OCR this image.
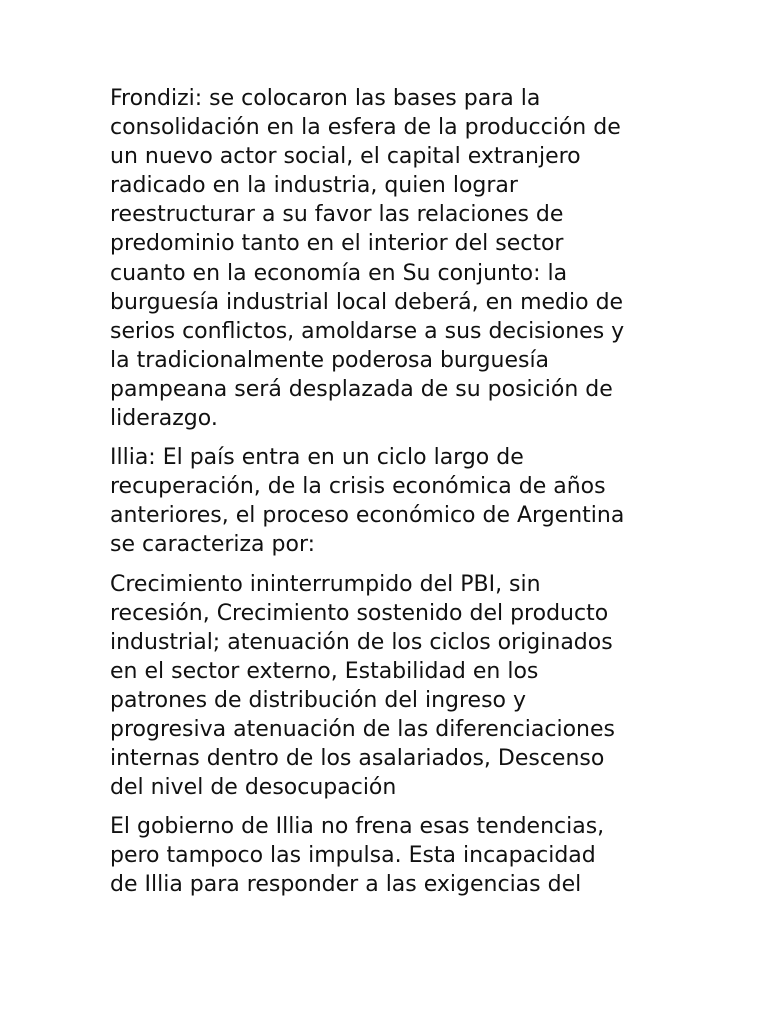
Frondizi: se colocaron las bases para la
consolidación en la esfera de la producción de
un nuevo actor social, el capital extranjero
radicado en la industria, quien lograr
reestructurar a su favor las relaciones de
predominio tanto en el interior del sector
cuanto en la economía en Su conjunto: la
burguesía industrial local deberá, en medio de
serios conflictos, amoldarse a sus decisiones y
la tradicionalmente poderosa burguesía
pampeana será desplazada de su posición de
liderazgo.

Illia: El país entra en un ciclo largo de
recuperación, de la crisis económica de años
anteriores, el proceso económico de Argentina
se caracteriza por:

Crecimiento ininterrumpido del PBI, sin
recesión, Crecimiento sostenido del producto
industrial; atenuación de los ciclos originados
en el sector externo, Estabilidad en los
patrones de distribución del ingreso y
progresiva atenuación de las diferenciaciones
internas dentro de los asalariados, Descenso
del nivel de desocupación

El gobierno de Illia no frena esas tendencias,
pero tampoco las impulsa. Esta incapacidad
de Illia para responder a las exigencias del
